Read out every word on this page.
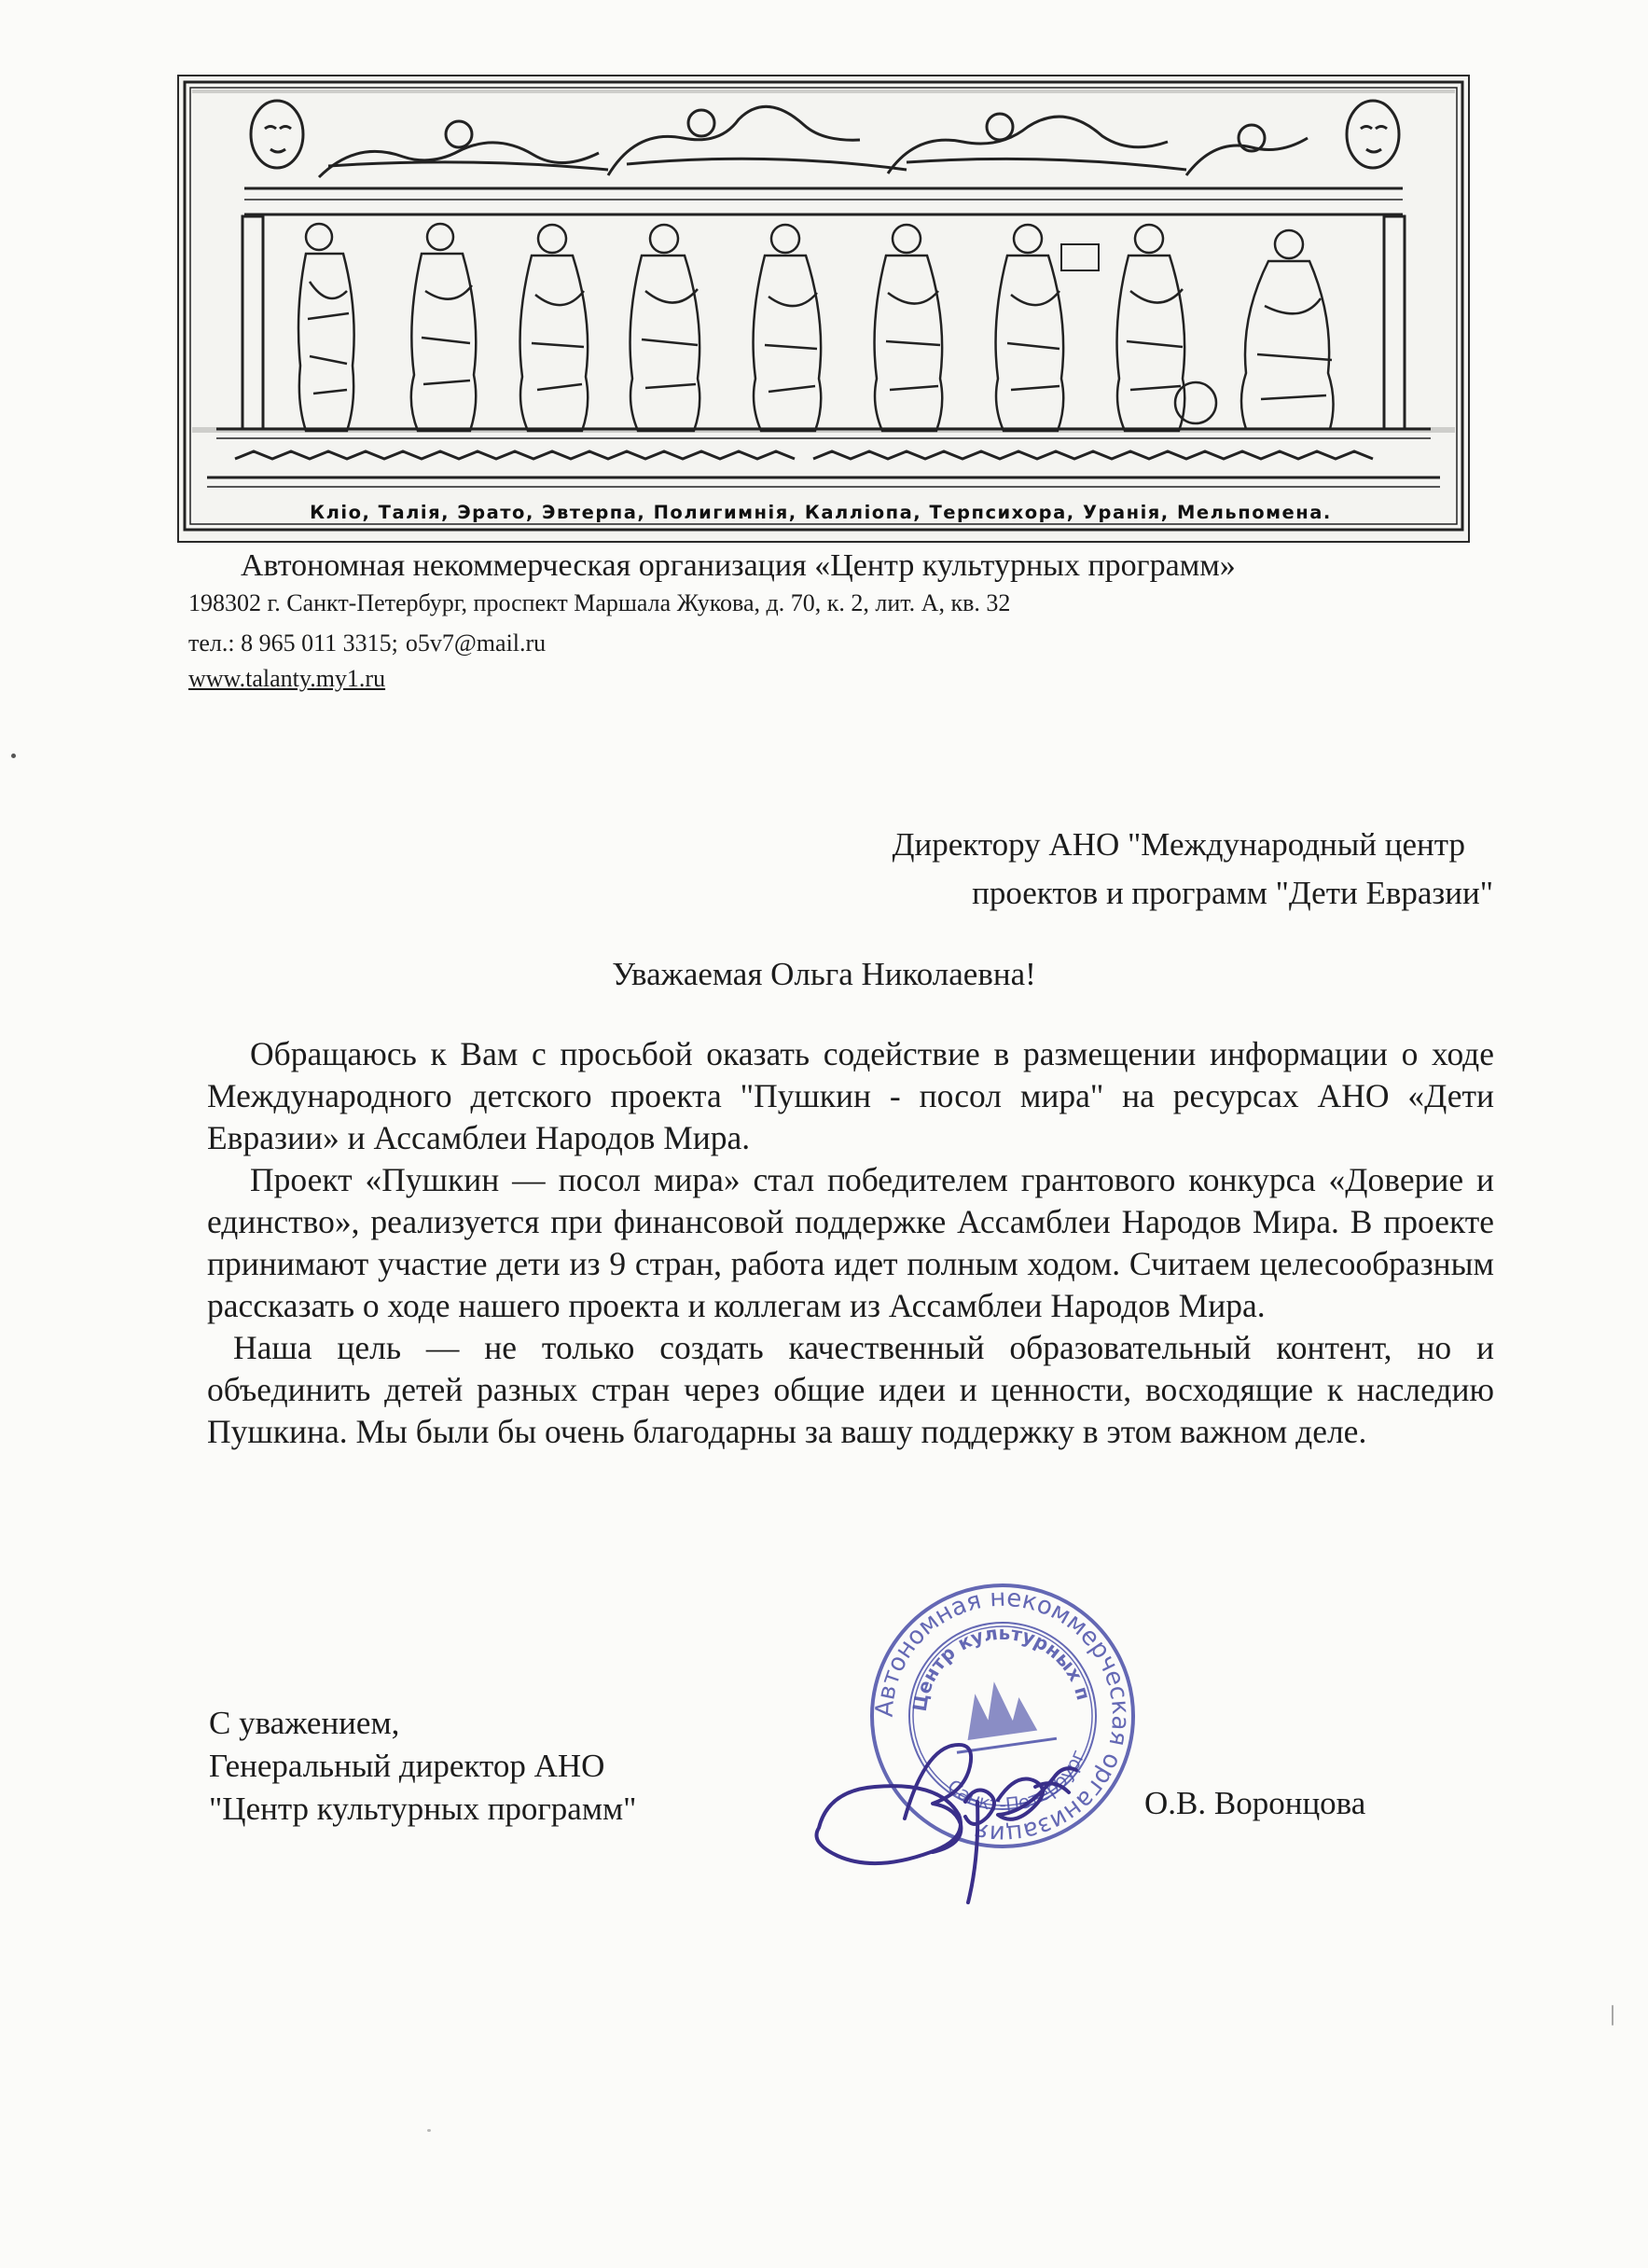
Кліо, Талія, Эрато, Эвтерпа, Полигимнія, Каллiопа, Терпсихора, Уранія, Мельпомена.
Автономная некоммерческая организация «Центр культурных программ»
198302 г. Санкт-Петербург, проспект Маршала Жукова, д. 70, к. 2, лит. А, кв. 32
тел.: 8 965 011 3315; o5v7@mail.ru
www.talanty.my1.ru
Директору АНО "Международный центр
проектов и программ "Дети Евразии"
Уважаемая Ольга Николаевна!

Обращаюсь к Вам с просьбой оказать содействие в размещении информации о ходе Международного детского проекта "Пушкин - посол мира" на ресурсах АНО «Дети Евразии» и Ассамблеи Народов Мира.

Проект «Пушкин — посол мира» стал победителем грантового конкурса «Доверие и единство», реализуется при финансовой поддержке Ассамблеи Народов Мира. В проекте принимают участие дети из 9 стран, работа идет полным ходом. Считаем целесообразным рассказать о ходе нашего проекта и коллегам из Ассамблеи Народов Мира.

Наша цель — не только создать качественный образовательный контент, но и объединить детей разных стран через общие идеи и ценности, восходящие к наследию Пушкина. Мы были бы очень благодарны за вашу поддержку в этом важном деле.

Автономная некоммерческая организация
Центр культурных программ
Санкт-Петербург
С уважением,
Генеральный директор АНО
"Центр культурных программ"	О.В. Воронцова
